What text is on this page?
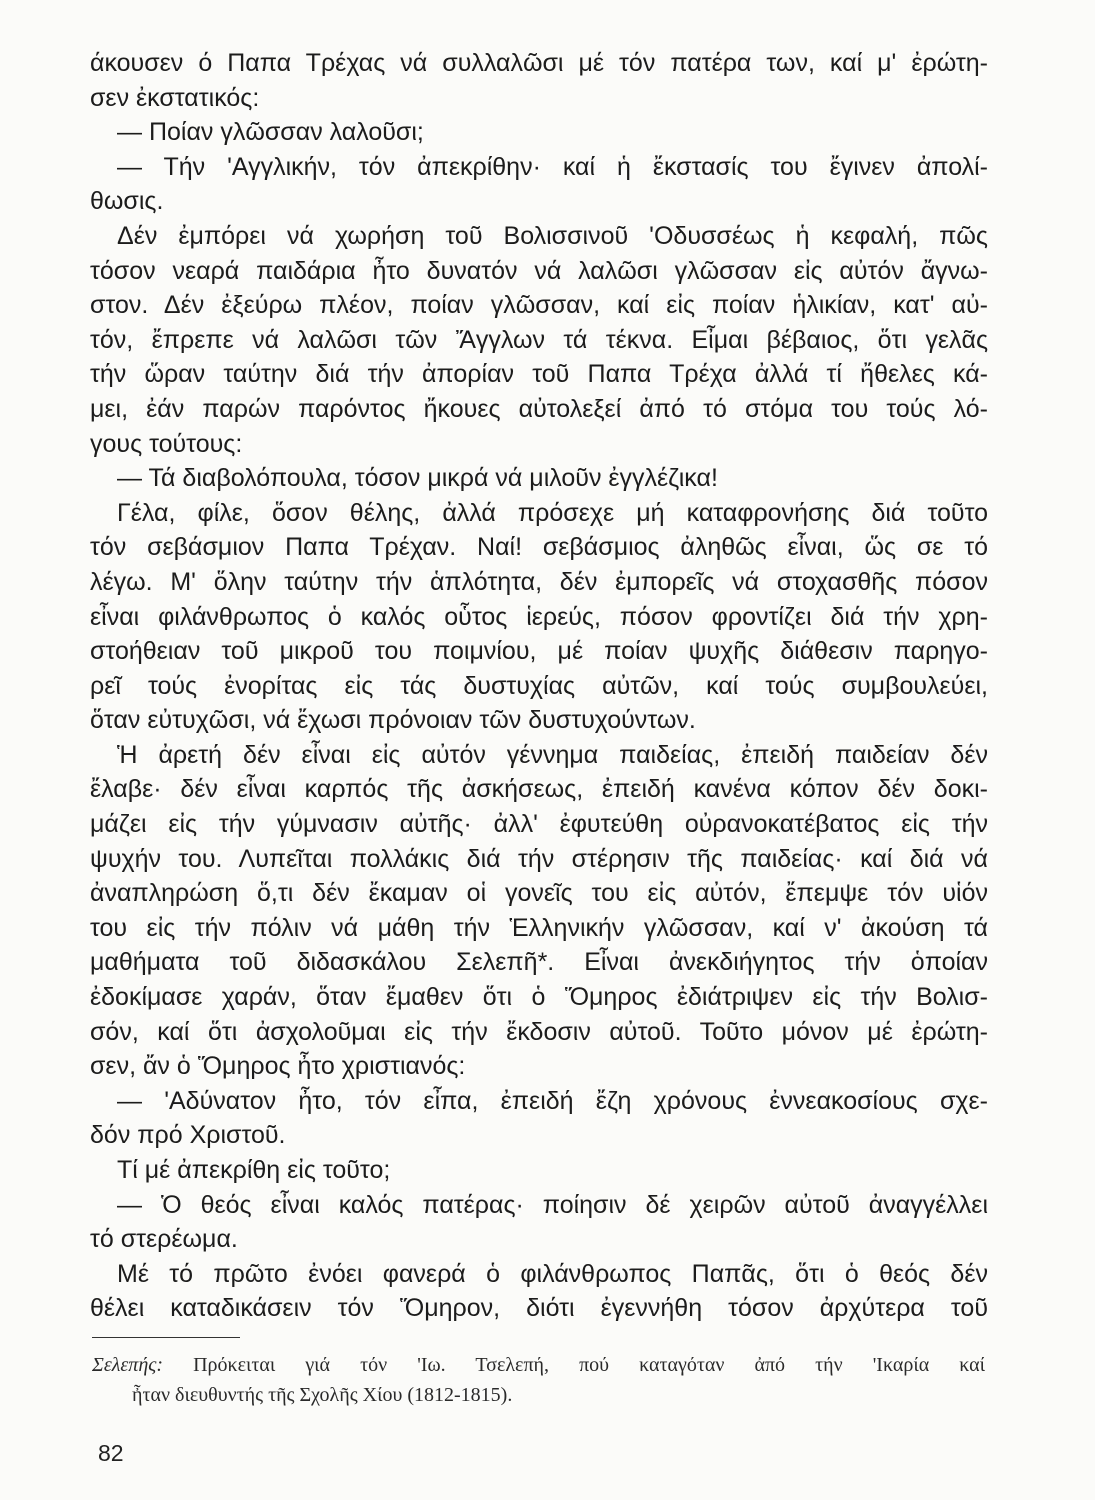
άκουσεν ό Παπα Τρέχας νά συλλαλῶσι μέ τόν πατέρα των, καί μ' ἐρώτη-
σεν ἐκστατικός:
— Ποίαν γλῶσσαν λαλοῦσι;
— Τήν 'Αγγλικήν, τόν ἀπεκρίθην· καί ἡ ἔκστασίς του ἔγινεν ἀπολί-
θωσις.
Δέν ἐμπόρει νά χωρήση τοῦ Βολισσινοῦ 'Οδυσσέως ἡ κεφαλή, πῶς
τόσον νεαρά παιδάρια ἦτο δυνατόν νά λαλῶσι γλῶσσαν εἰς αὐτόν ἄγνω-
στον. Δέν ἐξεύρω πλέον, ποίαν γλῶσσαν, καί εἰς ποίαν ἡλικίαν, κατ' αὐ-
τόν, ἔπρεπε νά λαλῶσι τῶν Ἄγγλων τά τέκνα. Εἶμαι βέβαιος, ὅτι γελᾶς
τήν ὥραν ταύτην διά τήν ἀπορίαν τοῦ Παπα Τρέχα ἀλλά τί ἤθελες κά-
μει, ἐάν παρών παρόντος ἤκουες αὐτολεξεί ἀπό τό στόμα του τούς λό-
γους τούτους:
— Τά διαβολόπουλα, τόσον μικρά νά μιλοῦν ἐγγλέζικα!
Γέλα, φίλε, ὅσον θέλης, ἀλλά πρόσεχε μή καταφρονήσης διά τοῦτο
τόν σεβάσμιον Παπα Τρέχαν. Ναί! σεβάσμιος ἀληθῶς εἶναι, ὥς σε τό
λέγω. Μ' ὅλην ταύτην τήν ἁπλότητα, δέν ἐμπορεῖς νά στοχασθῆς πόσον
εἶναι φιλάνθρωπος ὁ καλός οὗτος ἱερεύς, πόσον φροντίζει διά τήν χρη-
στοήθειαν τοῦ μικροῦ του ποιμνίου, μέ ποίαν ψυχῆς διάθεσιν παρηγο-
ρεῖ τούς ἐνορίτας εἰς τάς δυστυχίας αὐτῶν, καί τούς συμβουλεύει,
ὅταν εὐτυχῶσι, νά ἔχωσι πρόνοιαν τῶν δυστυχούντων.
Ἡ ἀρετή δέν εἶναι εἰς αὐτόν γέννημα παιδείας, ἐπειδή παιδείαν δέν
ἔλαβε· δέν εἶναι καρπός τῆς ἀσκήσεως, ἐπειδή κανένα κόπον δέν δοκι-
μάζει εἰς τήν γύμνασιν αὐτῆς· ἀλλ' ἐφυτεύθη οὐρανοκατέβατος εἰς τήν
ψυχήν του. Λυπεῖται πολλάκις διά τήν στέρησιν τῆς παιδείας· καί διά νά
ἀναπληρώση ὅ,τι δέν ἔκαμαν οἱ γονεῖς του εἰς αὐτόν, ἔπεμψε τόν υἱόν
του εἰς τήν πόλιν νά μάθη τήν Ἑλληνικήν γλῶσσαν, καί ν' ἀκούση τά
μαθήματα τοῦ διδασκάλου Σελεπῆ*. Εἶναι ἀνεκδιήγητος τήν ὁποίαν
ἐδοκίμασε χαράν, ὅταν ἔμαθεν ὅτι ὁ Ὅμηρος ἐδιάτριψεν εἰς τήν Βολισ-
σόν, καί ὅτι ἀσχολοῦμαι εἰς τήν ἔκδοσιν αὐτοῦ. Τοῦτο μόνον μέ ἐρώτη-
σεν, ἄν ὁ Ὅμηρος ἦτο χριστιανός:
— 'Αδύνατον ἦτο, τόν εἶπα, ἐπειδή ἔζη χρόνους ἐννεακοσίους σχε-
δόν πρό Χριστοῦ.
Τί μέ ἀπεκρίθη εἰς τοῦτο;
— Ὁ θεός εἶναι καλός πατέρας· ποίησιν δέ χειρῶν αὐτοῦ ἀναγγέλλει
τό στερέωμα.
Μέ τό πρῶτο ἐνόει φανερά ὁ φιλάνθρωπος Παπᾶς, ὅτι ὁ θεός δέν
θέλει καταδικάσειν τόν Ὅμηρον, διότι ἐγεννήθη τόσον ἀρχύτερα τοῦ
Σελεπής: Πρόκειται γιά τόν 'Ιω. Τσελεπή, πού καταγόταν ἀπό τήν 'Ικαρία καί
ἦταν διευθυντής τῆς Σχολῆς Χίου (1812-1815).
82
